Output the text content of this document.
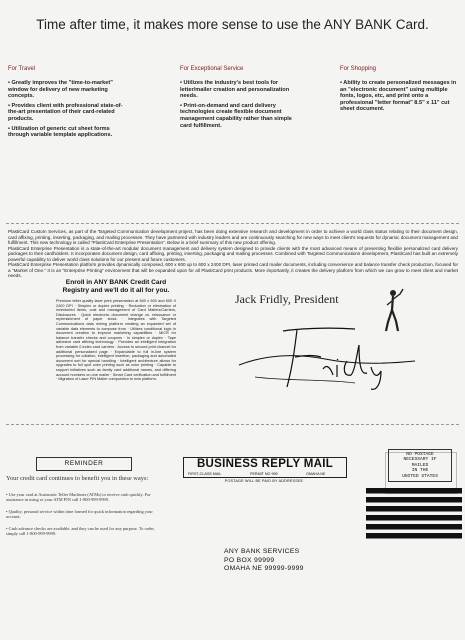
Time after time, it makes more sense to use the ANY BANK Card.
For Travel

• Greatly improves the "time-to-market" window for delivery of new marketing concepts.

• Provides client with professional state-of-the-art presentation of their card-related products.

• Utilization of generic cut sheet forms through variable template applications.

For Exceptional Service

• Utilizes the industry's best tools for letter/mailer creation and personalization needs.

• Print-on-demand and card delivery technologies create flexible document management capability rather than simple card fulfillment.

For Shopping

• Ability to create personalized messages in an "electronic document" using multiple fonts, logos, etc, and print onto a professional "letter format" 8.5" x 11" cut sheet document.

PlastiCard Custom Services, as part of the Targeted Communication development project, has been doing extensive research and development in order to achieve a world class status relating to their document design, card affixing, printing, inserting, packaging, and mailing processes. They have partnered with industry leaders and are continuously searching for new ways to meet client's requests for dynamic document management and fulfillment. This new technology is called "PlastiCard Enterprise Presentation". Below is a brief summary of this new product offering.

PlastiCard Enterprise Presentation is a state-of-the-art modular document management and delivery system designed to provide clients with the most advanced means of presenting flexible personalized card delivery packages to their cardholders. It incorporates document design, card affixing, printing, inserting, packaging and mailing processes. Combined with Targeted Communications development, PlastiCard has built an extremely powerful capability to deliver world class solutions for our present and future customers.

PlastiCard Enterprise Presentation platform provides dynamically composed, 600 x 600 up to 600 x 2400 DPI, laser printed card mailer documents, including convenience and balance transfer check production, focused for a "Market of One." It is an "Enterprise Printing" environment that will be expanded upon for all PlastiCard print products. More importantly, it creates the delivery platform from which we can grow to meet client and market needs.

Enroll in ANY BANK Credit Card Registry and we'll do it all for you.
Premium letter quality laser print presentation at 600 x 600 and 600 X 2400 DPI · Simplex or duplex printing · Reduction or elimination of inventoried items, cost and management of Card Mailers/Carriers, Disclosures · Quick electronic document change vs. reissuance or replenishment of paper stock · Integrates with Targeted Communications data mining platform creating an expanded set of variable data elements to compose from · Utilizes conditional logic in document creation to improve marketing capabilities · MICR for balance transfer checks and coupons · In simplex or duplex · Tape adhesive card affixing technology · Provides an intelligent integration from variable 0 index card carriers · Access to second print channel for additional personalized page · Expandable to full in-line system processing for collation, intelligent insertion, packaging and automated document sort for special handling · Intelligent architecture allows for upgrades to full spot color printing such as color printing · Capable to support initiatives such as family card additional names, and differing account numbers on one mailer · Smart Card verification and fulfillment · Migration of Laser PIN Mailer composition to new platform.
Jack Fridly, President
REMINDER
Your credit card continues to benefit you in these ways:

• Use your card at Automatic Teller Machines (ATMs) to receive cash quickly. For assistance in using or your ATM PIN call 1-800-999-9999.

• Quality, personal service within time framed for quick information regarding your account.

• Cash advance checks are available, and they can be used for any purpose. To order, simply call 1-800-999-9999.

BUSINESS REPLY MAIL
FIRST-CLASS MAIL	PERMIT NO 999	OMAHA NE
POSTAGE WILL BE PAID BY ADDRESSEE
ANY BANK SERVICES
PO BOX 99999
OMAHA NE 99999-9999
NO POSTAGE
NECESSARY IF
MAILED
IN THE
UNITED STATES
